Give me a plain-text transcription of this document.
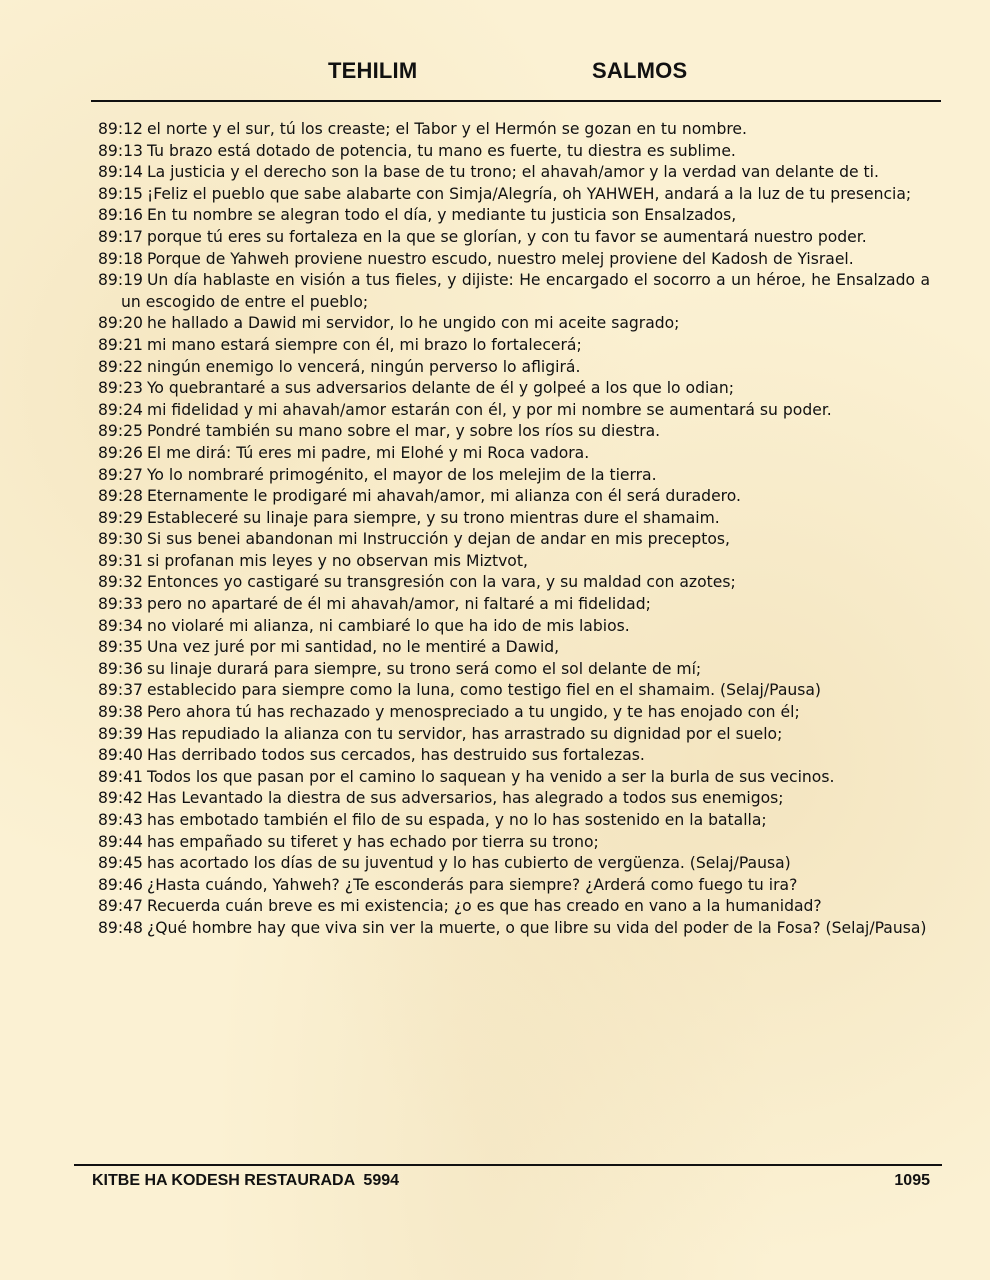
TEHILIM	SALMOS

89:12 el norte y el sur, tú los creaste; el Tabor y el Hermón se gozan en tu nombre.

89:13 Tu brazo está dotado de potencia, tu mano es fuerte, tu diestra es sublime.

89:14 La justicia y el derecho son la base de tu trono; el ahavah/amor y la verdad van delante de ti.

89:15 ¡Feliz el pueblo que sabe alabarte con Simja/Alegría, oh YAHWEH, andará a la luz de tu presencia;

89:16 En tu nombre se alegran todo el día, y mediante tu justicia son Ensalzados,

89:17 porque tú eres su fortaleza en la que se glorían, y con tu favor se aumentará nuestro poder.

89:18 Porque de Yahweh proviene nuestro escudo, nuestro melej proviene del Kadosh de Yisrael.

89:19 Un día hablaste en visión a tus fieles, y dijiste: He encargado el socorro a un héroe, he Ensalzado a un escogido de entre el pueblo;

89:20 he hallado a Dawid mi servidor, lo he ungido con mi aceite sagrado;

89:21 mi mano estará siempre con él, mi brazo lo fortalecerá;

89:22 ningún enemigo lo vencerá, ningún perverso lo afligirá.

89:23 Yo quebrantaré a sus adversarios delante de él y golpeé a los que lo odian;

89:24 mi fidelidad y mi ahavah/amor estarán con él, y por mi nombre se aumentará su poder.

89:25 Pondré también su mano sobre el mar, y sobre los ríos su diestra.

89:26 El me dirá: Tú eres mi padre, mi Elohé y mi Roca vadora.

89:27 Yo lo nombraré primogénito, el mayor de los melejim de la tierra.

89:28 Eternamente le prodigaré mi ahavah/amor, mi alianza con él será duradero.

89:29 Estableceré su linaje para siempre, y su trono mientras dure el shamaim.

89:30 Si sus benei abandonan mi Instrucción y dejan de andar en mis preceptos,

89:31 si profanan mis leyes y no observan mis Miztvot,

89:32 Entonces yo castigaré su transgresión con la vara, y su maldad con azotes;

89:33 pero no apartaré de él mi ahavah/amor, ni faltaré a mi fidelidad;

89:34 no violaré mi alianza, ni cambiaré lo que ha ido de mis labios.

89:35 Una vez juré por mi santidad, no le mentiré a Dawid,

89:36 su linaje durará para siempre, su trono será como el sol delante de mí;

89:37 establecido para siempre como la luna, como testigo fiel en el shamaim. (Selaj/Pausa)

89:38 Pero ahora tú has rechazado y menospreciado a tu ungido, y te has enojado con él;

89:39 Has repudiado la alianza con tu servidor, has arrastrado su dignidad por el suelo;

89:40 Has derribado todos sus cercados, has destruido sus fortalezas.

89:41 Todos los que pasan por el camino lo saquean y ha venido a ser la burla de sus vecinos.

89:42 Has Levantado la diestra de sus adversarios, has alegrado a todos sus enemigos;

89:43 has embotado también el filo de su espada, y no lo has sostenido en la batalla;

89:44 has empañado su tiferet y has echado por tierra su trono;

89:45 has acortado los días de su juventud y lo has cubierto de vergüenza. (Selaj/Pausa)

89:46 ¿Hasta cuándo, Yahweh? ¿Te esconderás para siempre? ¿Arderá como fuego tu ira?

89:47 Recuerda cuán breve es mi existencia; ¿o es que has creado en vano a la humanidad?

89:48 ¿Qué hombre hay que viva sin ver la muerte, o que libre su vida del poder de la Fosa? (Selaj/Pausa)

KITBE HA KODESH RESTAURADA  5994	1095
